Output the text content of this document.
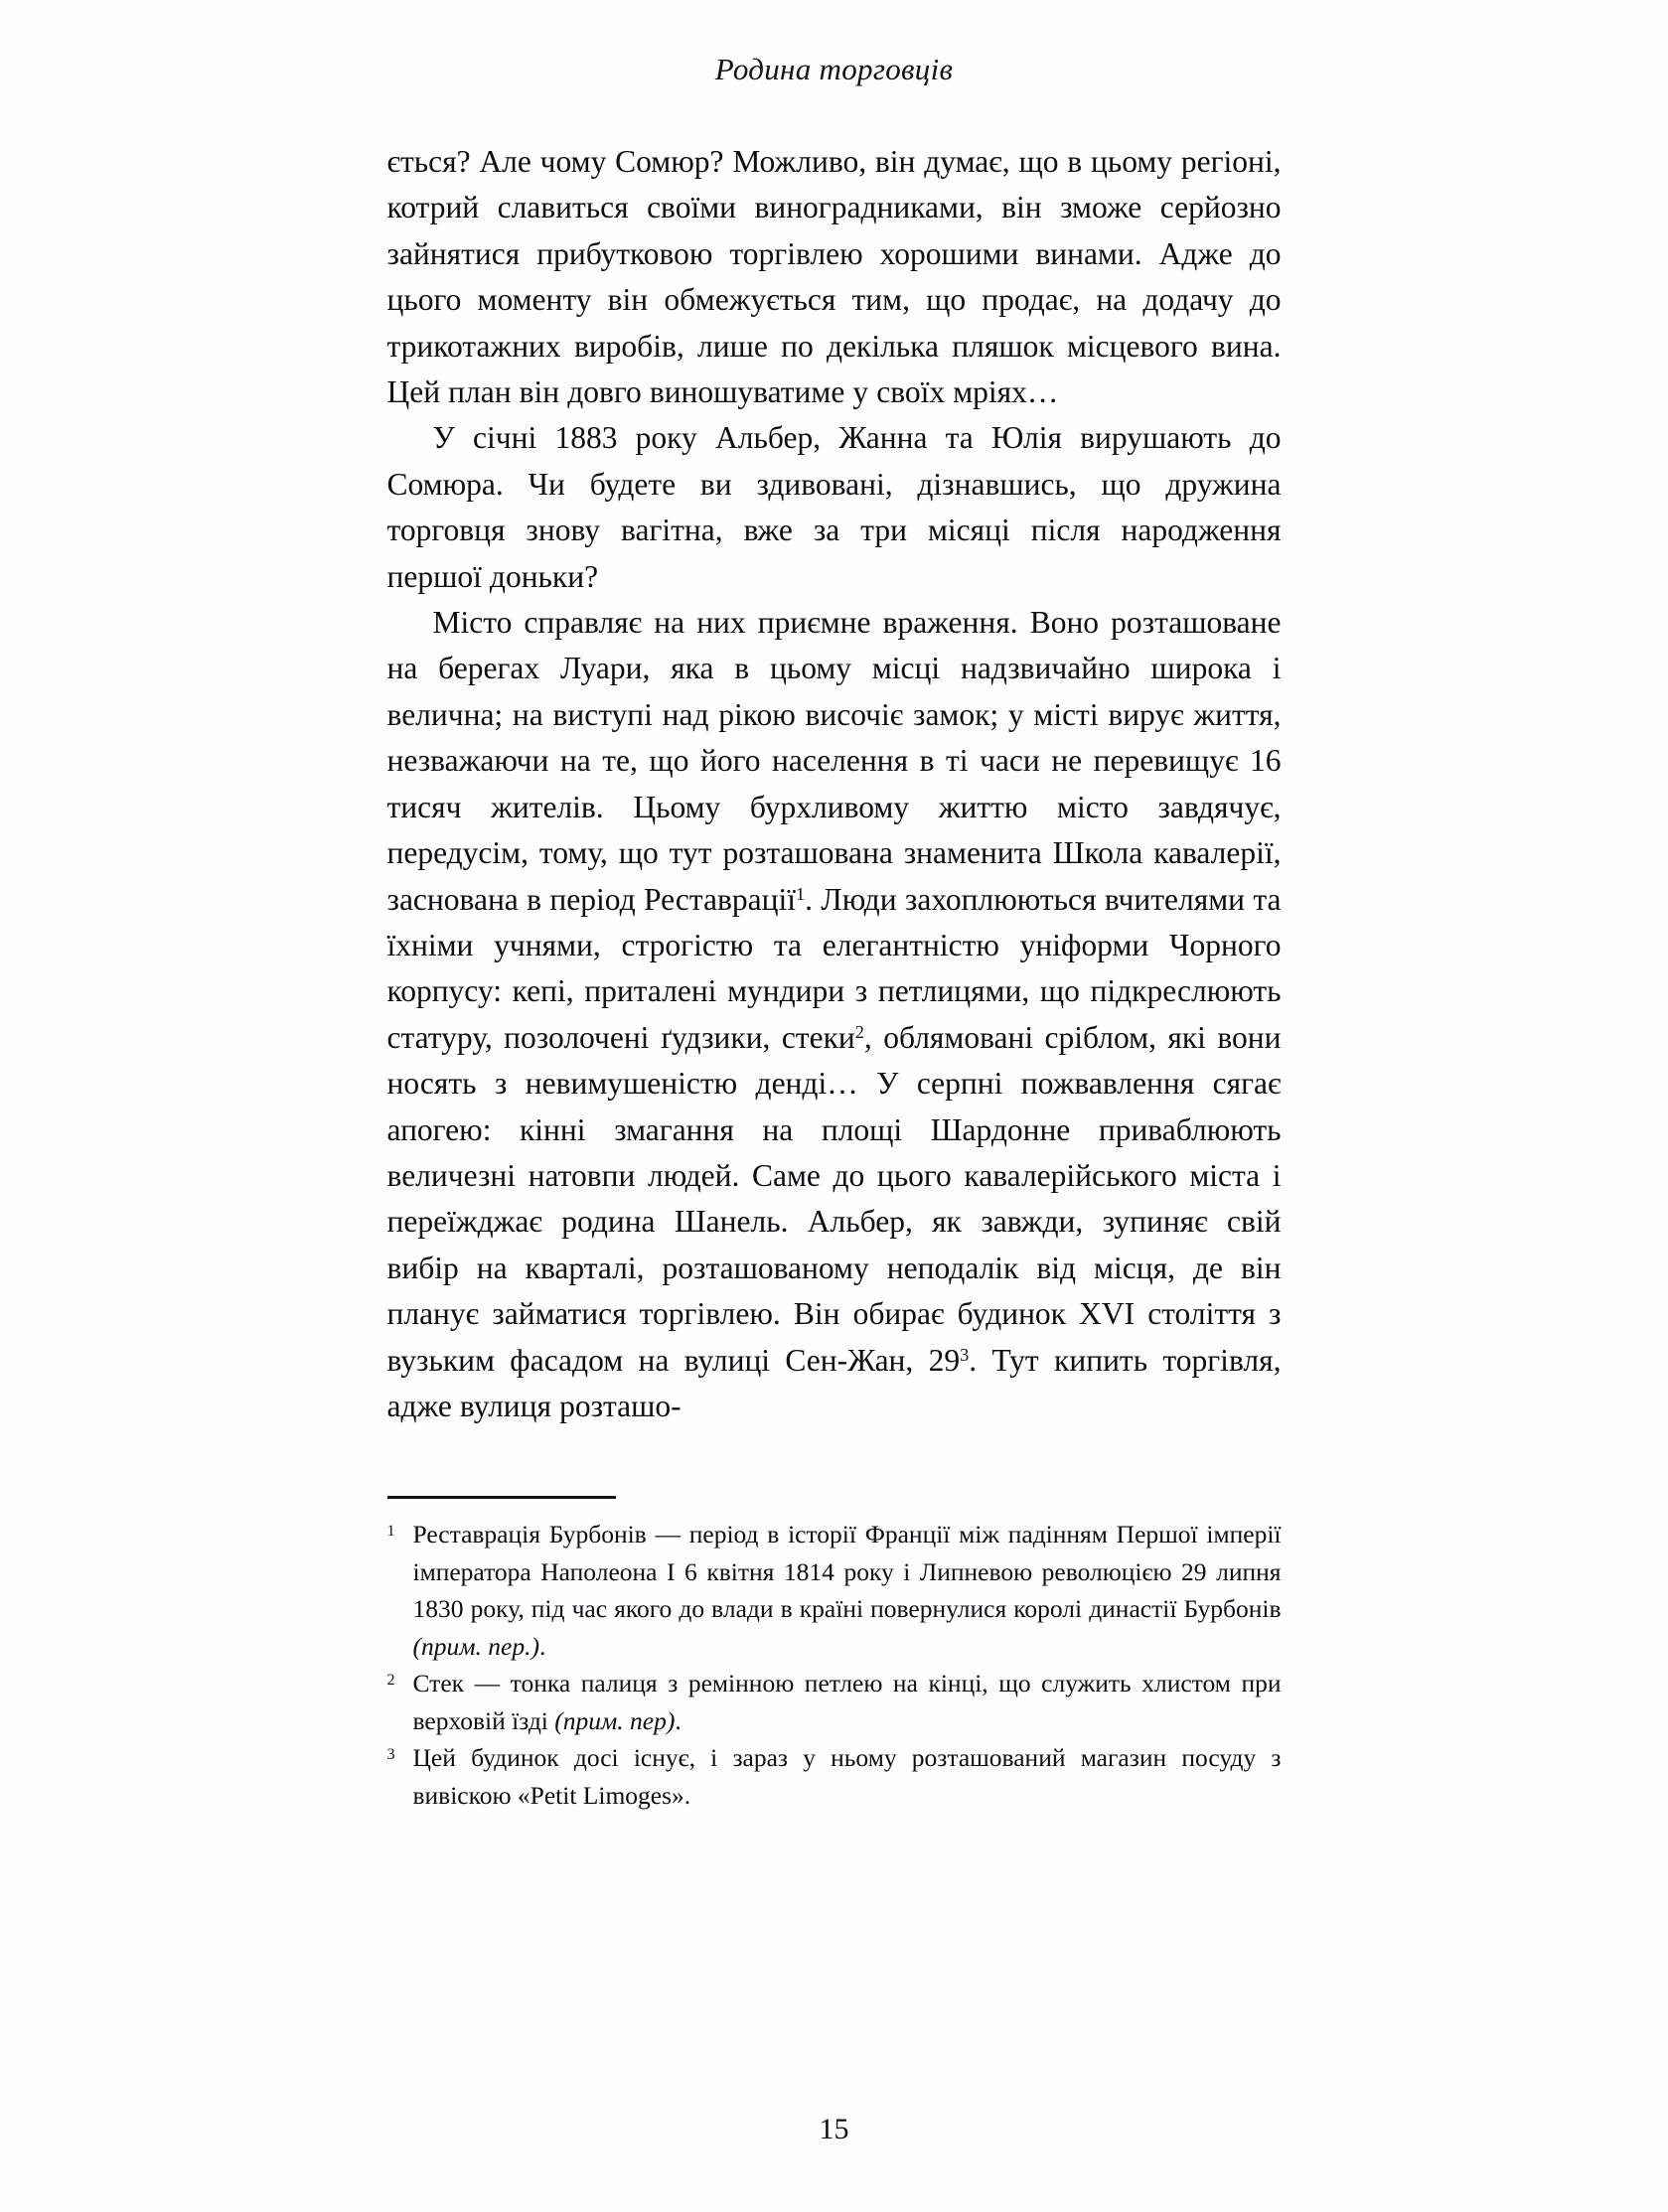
Родина торговців

ється? Але чому Сомюр? Можливо, він думає, що в цьому регіоні, котрий славиться своїми виноградниками, він зможе серйозно зайнятися прибутковою торгівлею хорошими винами. Адже до цього моменту він обмежується тим, що продає, на додачу до трикотажних виробів, лише по декілька пляшок місцевого вина. Цей план він довго виношуватиме у своїх мріях…

У січні 1883 року Альбер, Жанна та Юлія вирушають до Сомюра. Чи будете ви здивовані, дізнавшись, що дружина торговця знову вагітна, вже за три місяці після народження першої доньки?

Місто справляє на них приємне враження. Воно розташоване на берегах Луари, яка в цьому місці надзвичайно широка і велична; на виступі над рікою височіє замок; у місті вирує життя, незважаючи на те, що його населення в ті часи не перевищує 16 тисяч жителів. Цьому бурхливому життю місто завдячує, передусім, тому, що тут розташована знаменита Школа кавалерії, заснована в період Реставрації$^1$. Люди захоплюються вчителями та їхніми учнями, строгістю та елегантністю уніформи Чорного корпусу: кепі, приталені мундири з петлицями, що підкреслюють статуру, позолочені ґудзики, стеки$^2$, облямовані сріблом, які вони носять з невимушеністю денді… У серпні пожвавлення сягає апогею: кінні змагання на площі Шардонне приваблюють величезні натовпи людей. Саме до цього кавалерійського міста і переїжджає родина Шанель. Альбер, як завжди, зупиняє свій вибір на кварталі, розташованому неподалік від місця, де він планує займатися торгівлею. Він обирає будинок XVI століття з вузьким фасадом на вулиці Сен-Жан, 29$^3$. Тут кипить торгівля, адже вулиця розташо-

1 Реставрація Бурбонів — період в історії Франції між падінням Першої імперії імператора Наполеона I 6 квітня 1814 року і Липневою революцією 29 липня 1830 року, під час якого до влади в країні повернулися королі династії Бурбонів (прим. пер.).
2 Стек — тонка палиця з ремінною петлею на кінці, що служить хлистом при верховій їзді (прим. пер).
3 Цей будинок досі існує, і зараз у ньому розташований магазин посуду з вивіскою «Petit Limoges».
15
